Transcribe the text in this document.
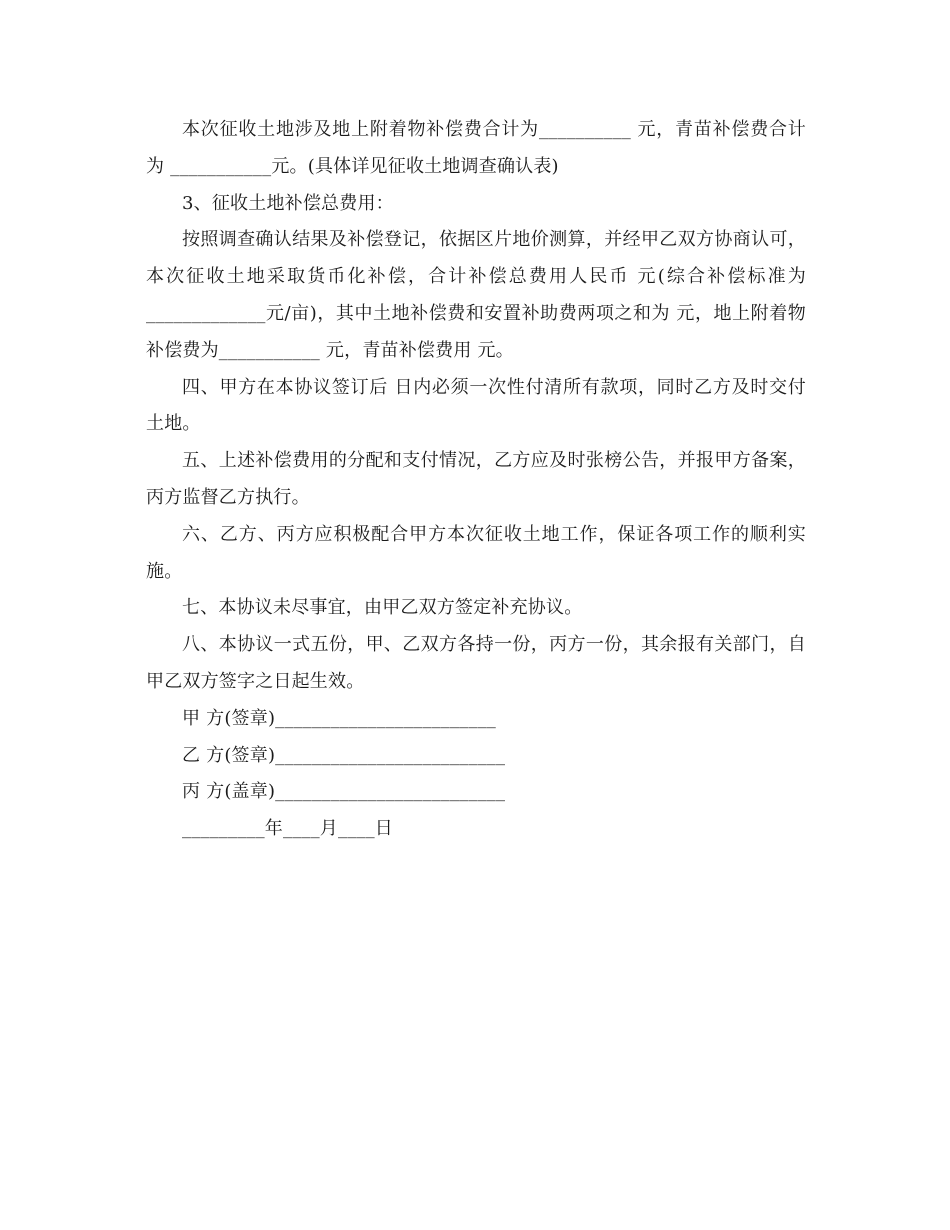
本次征收土地涉及地上附着物补偿费合计为__________ 元，青苗补偿费合计为 ___________元。(具体详见征收土地调查确认表)

3、征收土地补偿总费用：

按照调查确认结果及补偿登记，依据区片地价测算，并经甲乙双方协商认可，本次征收土地采取货币化补偿，合计补偿总费用人民币 元(综合补偿标准为 _____________元/亩)，其中土地补偿费和安置补助费两项之和为 元，地上附着物补偿费为___________ 元，青苗补偿费用 元。

四、甲方在本协议签订后 日内必须一次性付清所有款项，同时乙方及时交付土地。

五、上述补偿费用的分配和支付情况，乙方应及时张榜公告，并报甲方备案，丙方监督乙方执行。

六、乙方、丙方应积极配合甲方本次征收土地工作，保证各项工作的顺利实施。

七、本协议未尽事宜，由甲乙双方签定补充协议。

八、本协议一式五份，甲、乙双方各持一份，丙方一份，其余报有关部门，自甲乙双方签字之日起生效。

甲 方(签章)________________________

乙 方(签章)_________________________

丙 方(盖章)_________________________

_________年____月____日
